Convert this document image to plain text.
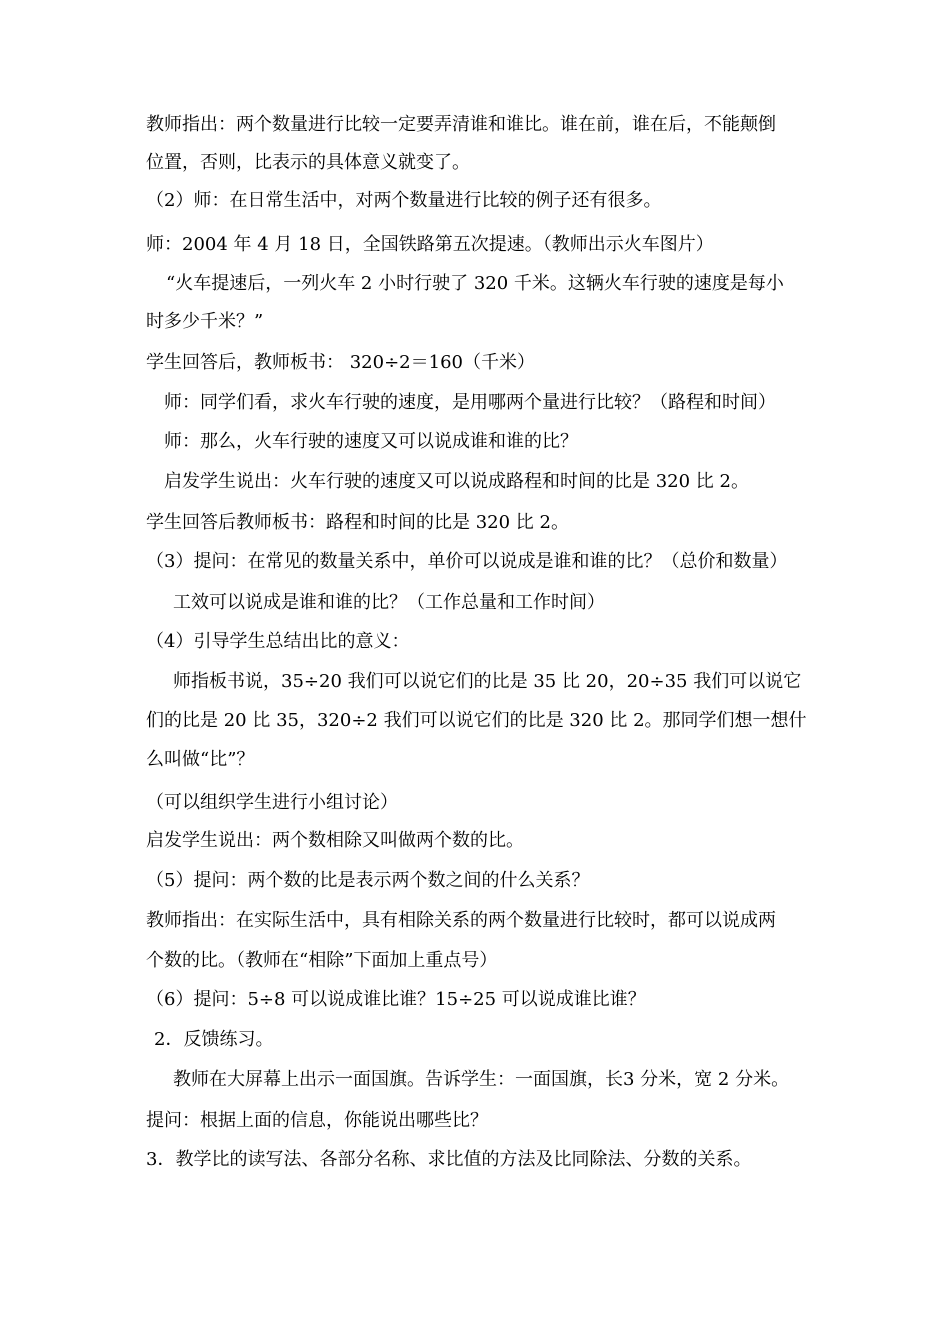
教师指出：两个数量进行比较一定要弄清谁和谁比。谁在前，谁在后，不能颠倒
位置，否则，比表示的具体意义就变了。
（2）师：在日常生活中，对两个数量进行比较的例子还有很多。
师：2004 年 4 月 18 日，全国铁路第五次提速。（教师出示火车图片）
“火车提速后，一列火车 2 小时行驶了 320 千米。这辆火车行驶的速度是每小
时多少千米？”
学生回答后，教师板书： 320÷2＝160（千米）
师：同学们看，求火车行驶的速度，是用哪两个量进行比较？（路程和时间）
师：那么，火车行驶的速度又可以说成谁和谁的比？
启发学生说出：火车行驶的速度又可以说成路程和时间的比是 320 比 2。
学生回答后教师板书：路程和时间的比是 320 比 2。
（3）提问：在常见的数量关系中，单价可以说成是谁和谁的比？（总价和数量）
工效可以说成是谁和谁的比？（工作总量和工作时间）
（4）引导学生总结出比的意义：
师指板书说，35÷20 我们可以说它们的比是 35 比 20，20÷35 我们可以说它
们的比是 20 比 35，320÷2 我们可以说它们的比是 320 比 2。那同学们想一想什
么叫做“比”？
（可以组织学生进行小组讨论）
启发学生说出：两个数相除又叫做两个数的比。
（5）提问：两个数的比是表示两个数之间的什么关系？
教师指出：在实际生活中，具有相除关系的两个数量进行比较时，都可以说成两
个数的比。（教师在“相除”下面加上重点号）
（6）提问：5÷8 可以说成谁比谁？15÷25 可以说成谁比谁？
2．反馈练习。
教师在大屏幕上出示一面国旗。告诉学生：一面国旗，长3 分米，宽 2 分米。
提问：根据上面的信息，你能说出哪些比？
3．教学比的读写法、各部分名称、求比值的方法及比同除法、分数的关系。
